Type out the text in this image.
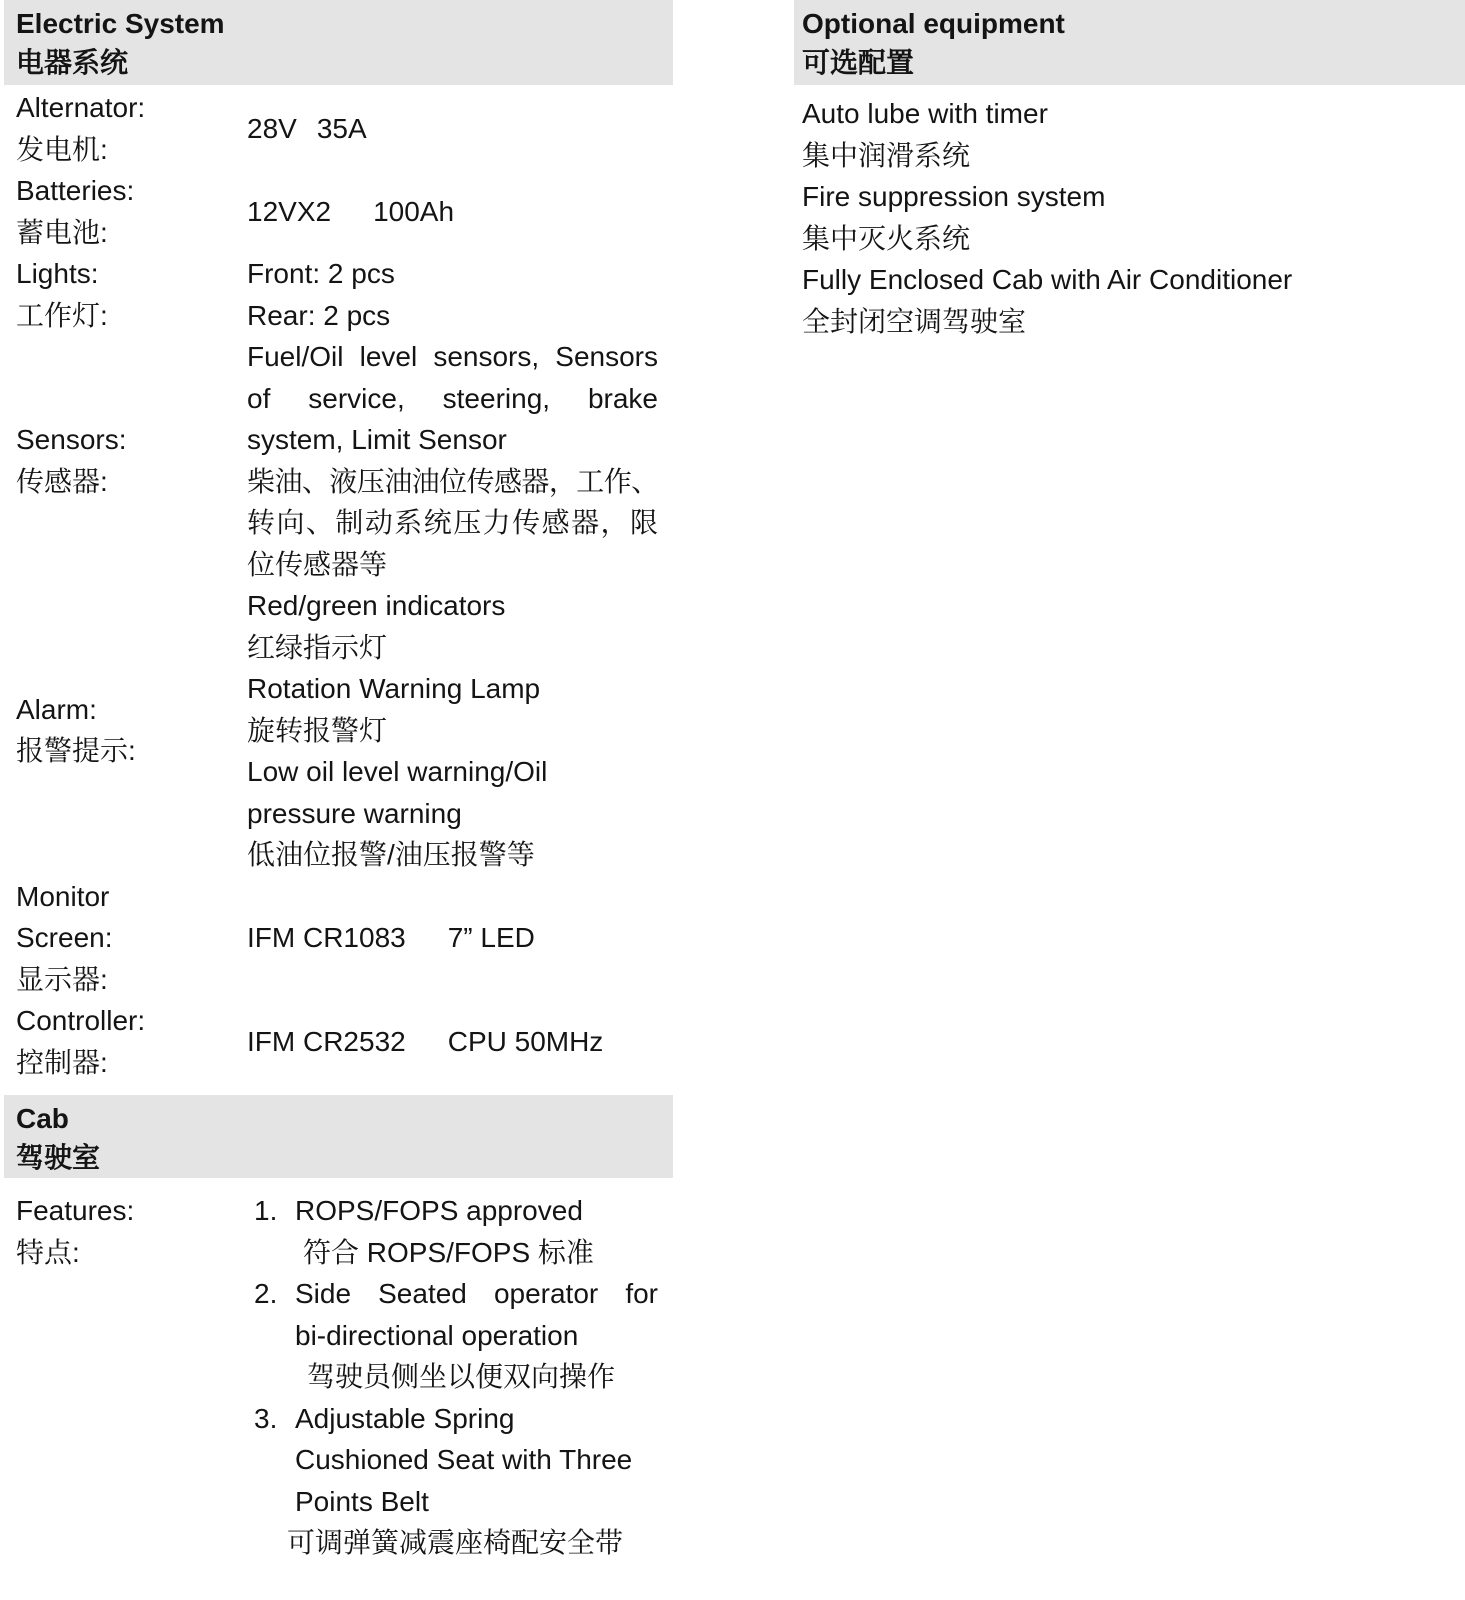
Electric System
电器系统
Alternator:
发电机:
28V 35A
Batteries:
蓄电池:
12VX2 100Ah
Lights:
工作灯:
Front: 2 pcs
Rear: 2 pcs
Sensors:
传感器:
Fuel/Oil level sensors, Sensors
of service, steering, brake
system, Limit Sensor
柴油、液压油油位传感器，工作、
转向、制动系统压力传感器，限
位传感器等
Alarm:
报警提示:
Red/green indicators
红绿指示灯
Rotation Warning Lamp
旋转报警灯
Low oil level warning/Oil
pressure warning
低油位报警/油压报警等
Monitor
Screen:
显示器:
IFM CR1083 7” LED
Controller:
控制器:
IFM CR2532 CPU 50MHz
Cab
驾驶室
Features:
特点:
1. ROPS/FOPS approved
符合 ROPS/FOPS 标准
2. Side Seated operator for
bi-directional operation
驾驶员侧坐以便双向操作
3. Adjustable Spring
Cushioned Seat with Three
Points Belt
可调弹簧减震座椅配安全带
Optional equipment
可选配置
Auto lube with timer
集中润滑系统
Fire suppression system
集中灭火系统
Fully Enclosed Cab with Air Conditioner
全封闭空调驾驶室
